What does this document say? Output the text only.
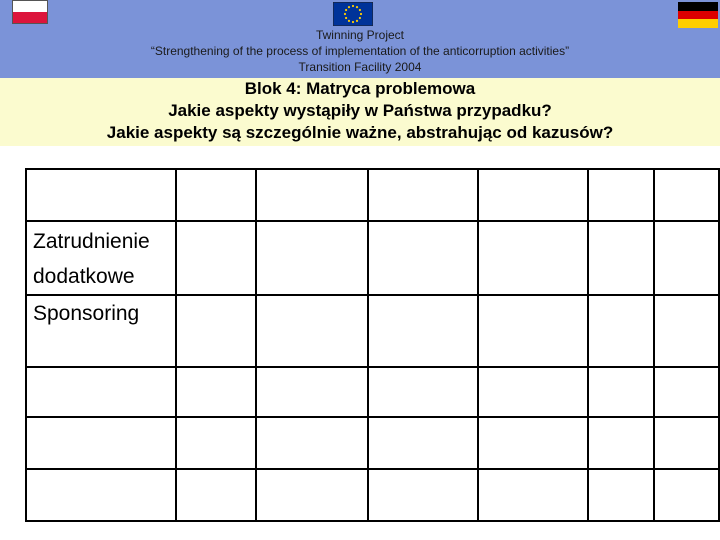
Twinning Project
“Strengthening of the process of implementation of the anticorruption activities”
Transition Facility 2004
Blok 4: Matryca problemowa
Jakie aspekty wystąpiły w Państwa przypadku?
Jakie aspekty są szczególnie ważne, abstrahując od kazusów?

Zatrudnienie dodatkowe						
Sponsoring						
